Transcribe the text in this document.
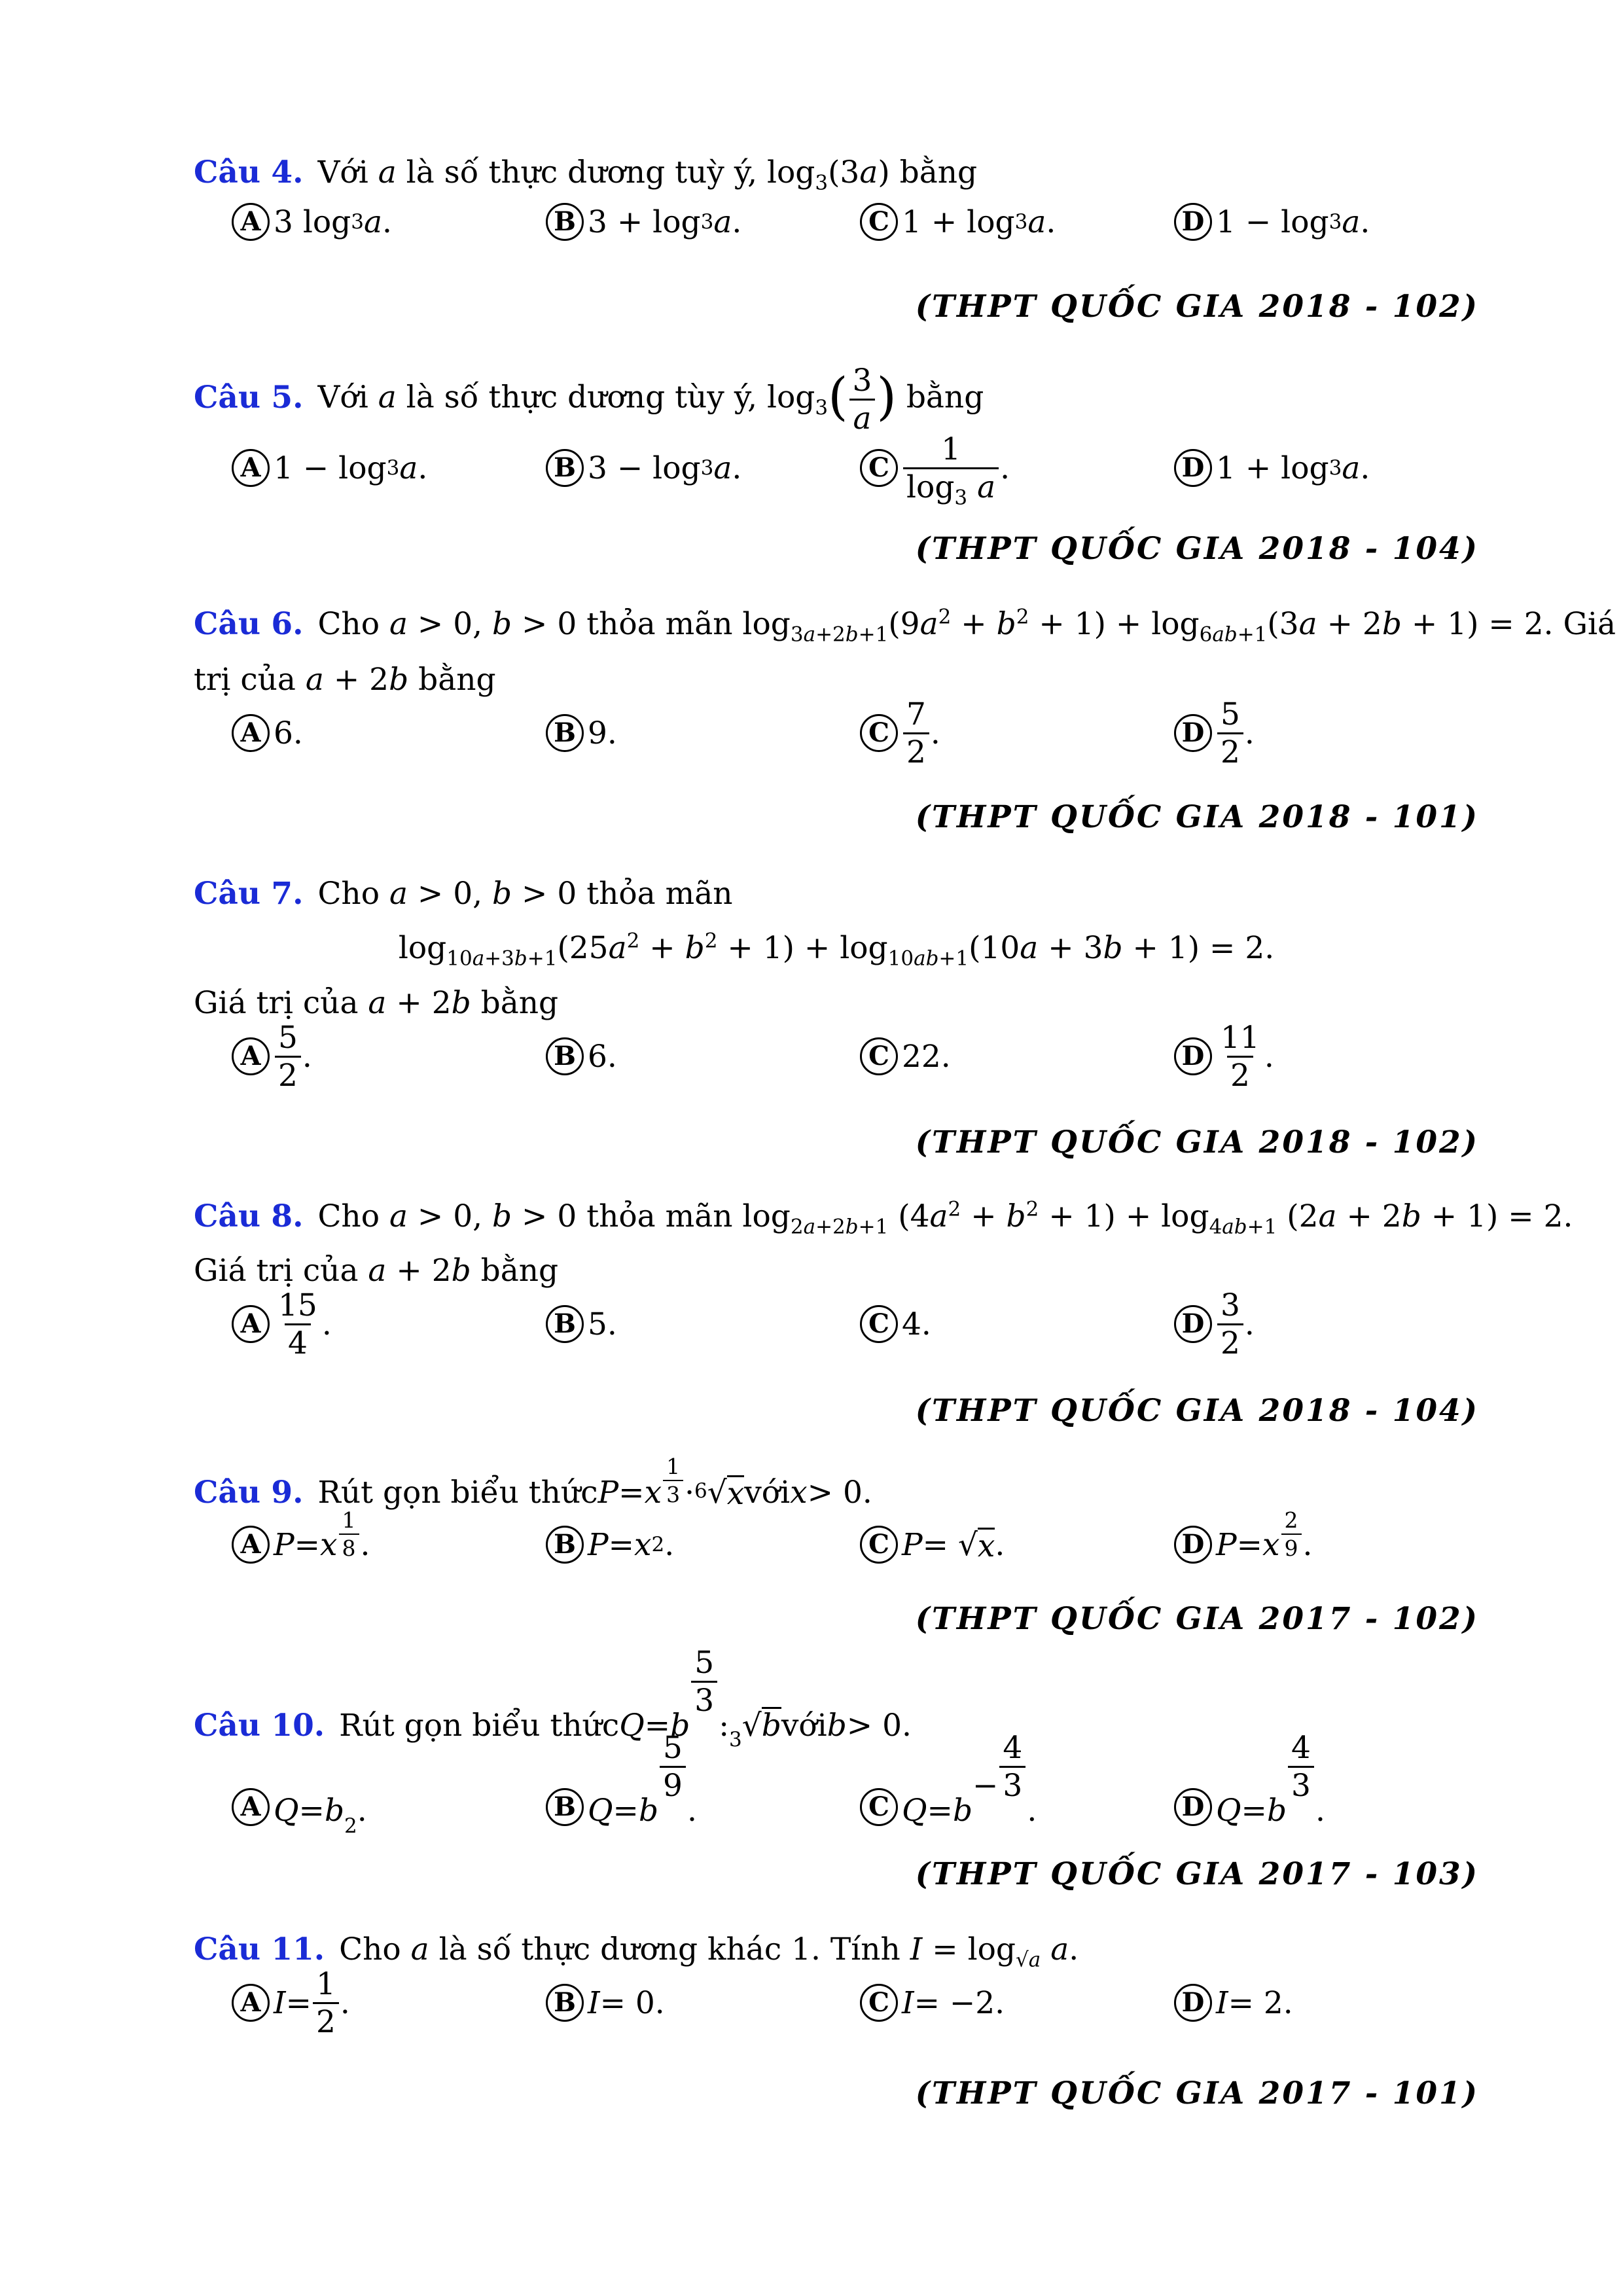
Câu 4. Với a là số thực dương tuỳ ý, $\log_3(3a)$ bằng
A 3 log 3 a .	B 3 + log 3 a .	C 1 + log 3 a .	D 1 − log 3 a .
(THPT QUỐC GIA 2018 - 102)
Câu 5. Với a là số thực dương tùy ý, $\log_3( \frac{3}{a}$ ) bằng
A 1 − log 3 a .	B 3 − log 3 a .	C $\frac{1}{\log_3 a}$ .	D 1 + log 3 a .
(THPT QUỐC GIA 2018 - 104)
Câu 6. Cho a > 0, b > 0 thỏa mãn $\log_{3a+2b+1}(9a^2 + b^2 + 1) + \log_{6ab+1}(3a + 2b + 1) = 2$. Giá
trị của a + 2b bằng
A 6.	B 9.	C $\frac{7}{2}$ .	D $\frac{5}{2}$ .
(THPT QUỐC GIA 2018 - 101)
Câu 7. Cho a > 0, b > 0 thỏa mãn
$\log_{10a+3b+1}(25a^2 + b^2 + 1) + \log_{10ab+1}(10a + 3b + 1) = 2$.
Giá trị của a + 2b bằng
A $\frac{5}{2}$ .	B 6.	C 22.	D $\frac{11}{2}$ .
(THPT QUỐC GIA 2018 - 102)
Câu 8. Cho a > 0, b > 0 thỏa mãn $\log_{2a+2b+1} (4a^2 + b^2 + 1) + \log_{4ab+1} (2a + 2b + 1) = 2$.
Giá trị của a + 2b bằng
A $\frac{15}{4}$ .	B 5.	C 4.	D $\frac{3}{2}$ .
(THPT QUỐC GIA 2018 - 104)
Câu 9. Rút gọn biểu thức P = x $\frac{1}{3} \cdot ^6$ √ x với x > 0.
A P = x $\frac{1}{8}$ .	B P = x 2 .	C P = √ x .	D P = x $\frac{2}{9}$ .
(THPT QUỐC GIA 2017 - 102)
Câu 10. Rút gọn biểu thức Q = b
$\frac{5}{3}$
: $^3$ √ b với b > 0.
A Q = b 2 .	B Q = b
$\frac{5}{9}$
.	C Q = b
− $\frac{4}{3}$
.	D Q = b
$\frac{4}{3}$
.
(THPT QUỐC GIA 2017 - 103)
Câu 11. Cho a là số thực dương khác 1. Tính $I = \log_{√a} a$.
A $I = \frac{1}{2}$ .	B I = 0.	C I = −2.	D I = 2.
(THPT QUỐC GIA 2017 - 101)
